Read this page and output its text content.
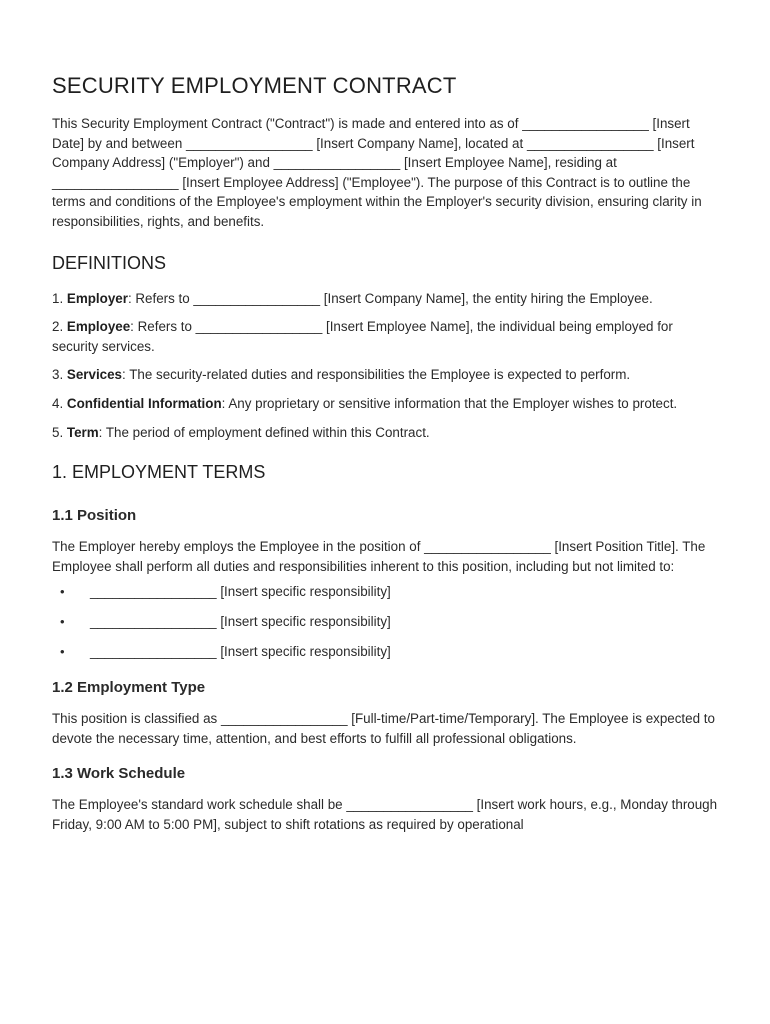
SECURITY EMPLOYMENT CONTRACT

This Security Employment Contract ("Contract") is made and entered into as of _________________ [Insert Date] by and between _________________ [Insert Company Name], located at _________________ [Insert Company Address] ("Employer") and _________________ [Insert Employee Name], residing at _________________ [Insert Employee Address] ("Employee"). The purpose of this Contract is to outline the terms and conditions of the Employee's employment within the Employer's security division, ensuring clarity in responsibilities, rights, and benefits.

DEFINITIONS

1. Employer: Refers to _________________ [Insert Company Name], the entity hiring the Employee.

2. Employee: Refers to _________________ [Insert Employee Name], the individual being employed for security services.

3. Services: The security-related duties and responsibilities the Employee is expected to perform.

4. Confidential Information: Any proprietary or sensitive information that the Employer wishes to protect.

5. Term: The period of employment defined within this Contract.

1. EMPLOYMENT TERMS
1.1 Position

The Employer hereby employs the Employee in the position of _________________ [Insert Position Title]. The Employee shall perform all duties and responsibilities inherent to this position, including but not limited to:

• _________________ [Insert specific responsibility]
• _________________ [Insert specific responsibility]
• _________________ [Insert specific responsibility]
1.2 Employment Type

This position is classified as _________________ [Full-time/Part-time/Temporary]. The Employee is expected to devote the necessary time, attention, and best efforts to fulfill all professional obligations.

1.3 Work Schedule

The Employee's standard work schedule shall be _________________ [Insert work hours, e.g., Monday through Friday, 9:00 AM to 5:00 PM], subject to shift rotations as required by operational
